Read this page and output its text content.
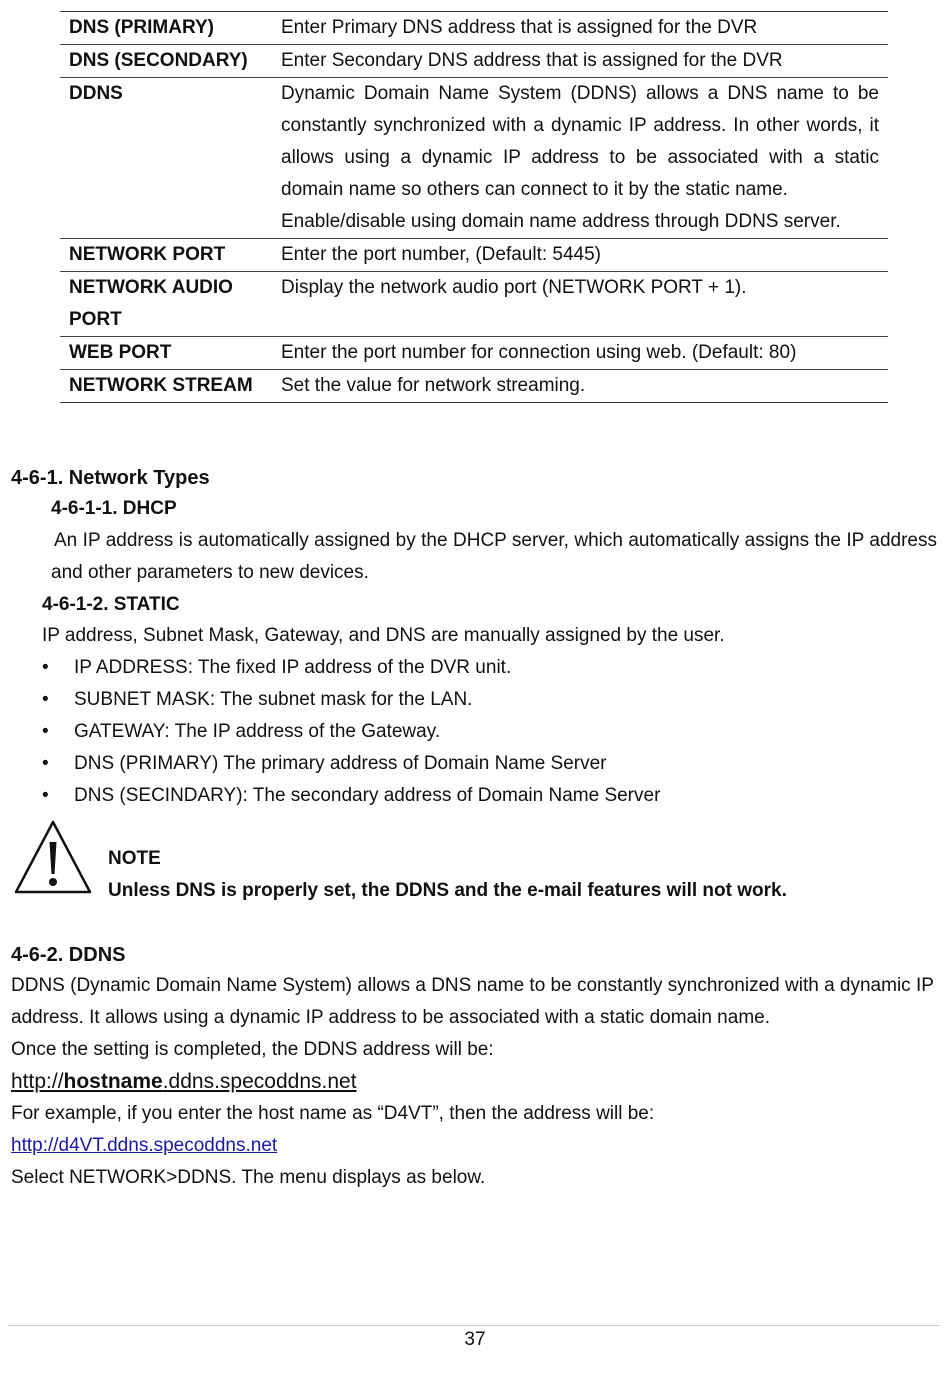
DNS (PRIMARY)	Enter Primary DNS address that is assigned for the DVR

DNS (SECONDARY)	Enter Secondary DNS address that is assigned for the DVR

DDNS	Dynamic Domain Name System (DDNS) allows a DNS name to be constantly synchronized with a dynamic IP address. In other words, it allows using a dynamic IP address to be associated with a static domain name so others can connect to it by the static name.

Enable/disable using domain name address through DDNS server.

NETWORK PORT	Enter the port number, (Default: 5445)

NETWORK AUDIO PORT	Display the network audio port (NETWORK PORT + 1).

WEB PORT	Enter the port number for connection using web. (Default: 80)

NETWORK STREAM	Set the value for network streaming.

4-6-1. Network Types
4-6-1-1. DHCP
An IP address is automatically assigned by the DHCP server, which automatically assigns the IP address and other parameters to new devices.
4-6-1-2. STATIC
IP address, Subnet Mask, Gateway, and DNS are manually assigned by the user.
• IP ADDRESS: The fixed IP address of the DVR unit.
• SUBNET MASK: The subnet mask for the LAN.
• GATEWAY: The IP address of the Gateway.
• DNS (PRIMARY) The primary address of Domain Name Server
• DNS (SECINDARY): The secondary address of Domain Name Server
NOTE
Unless DNS is properly set, the DDNS and the e-mail features will not work.
4-6-2. DDNS
DDNS (Dynamic Domain Name System) allows a DNS name to be constantly synchronized with a dynamic IP address. It allows using a dynamic IP address to be associated with a static domain name.
Once the setting is completed, the DDNS address will be:
http://hostname.ddns.specoddns.net
For example, if you enter the host name as “D4VT”, then the address will be:
http://d4VT.ddns.specoddns.net
Select NETWORK>DDNS. The menu displays as below.
37
